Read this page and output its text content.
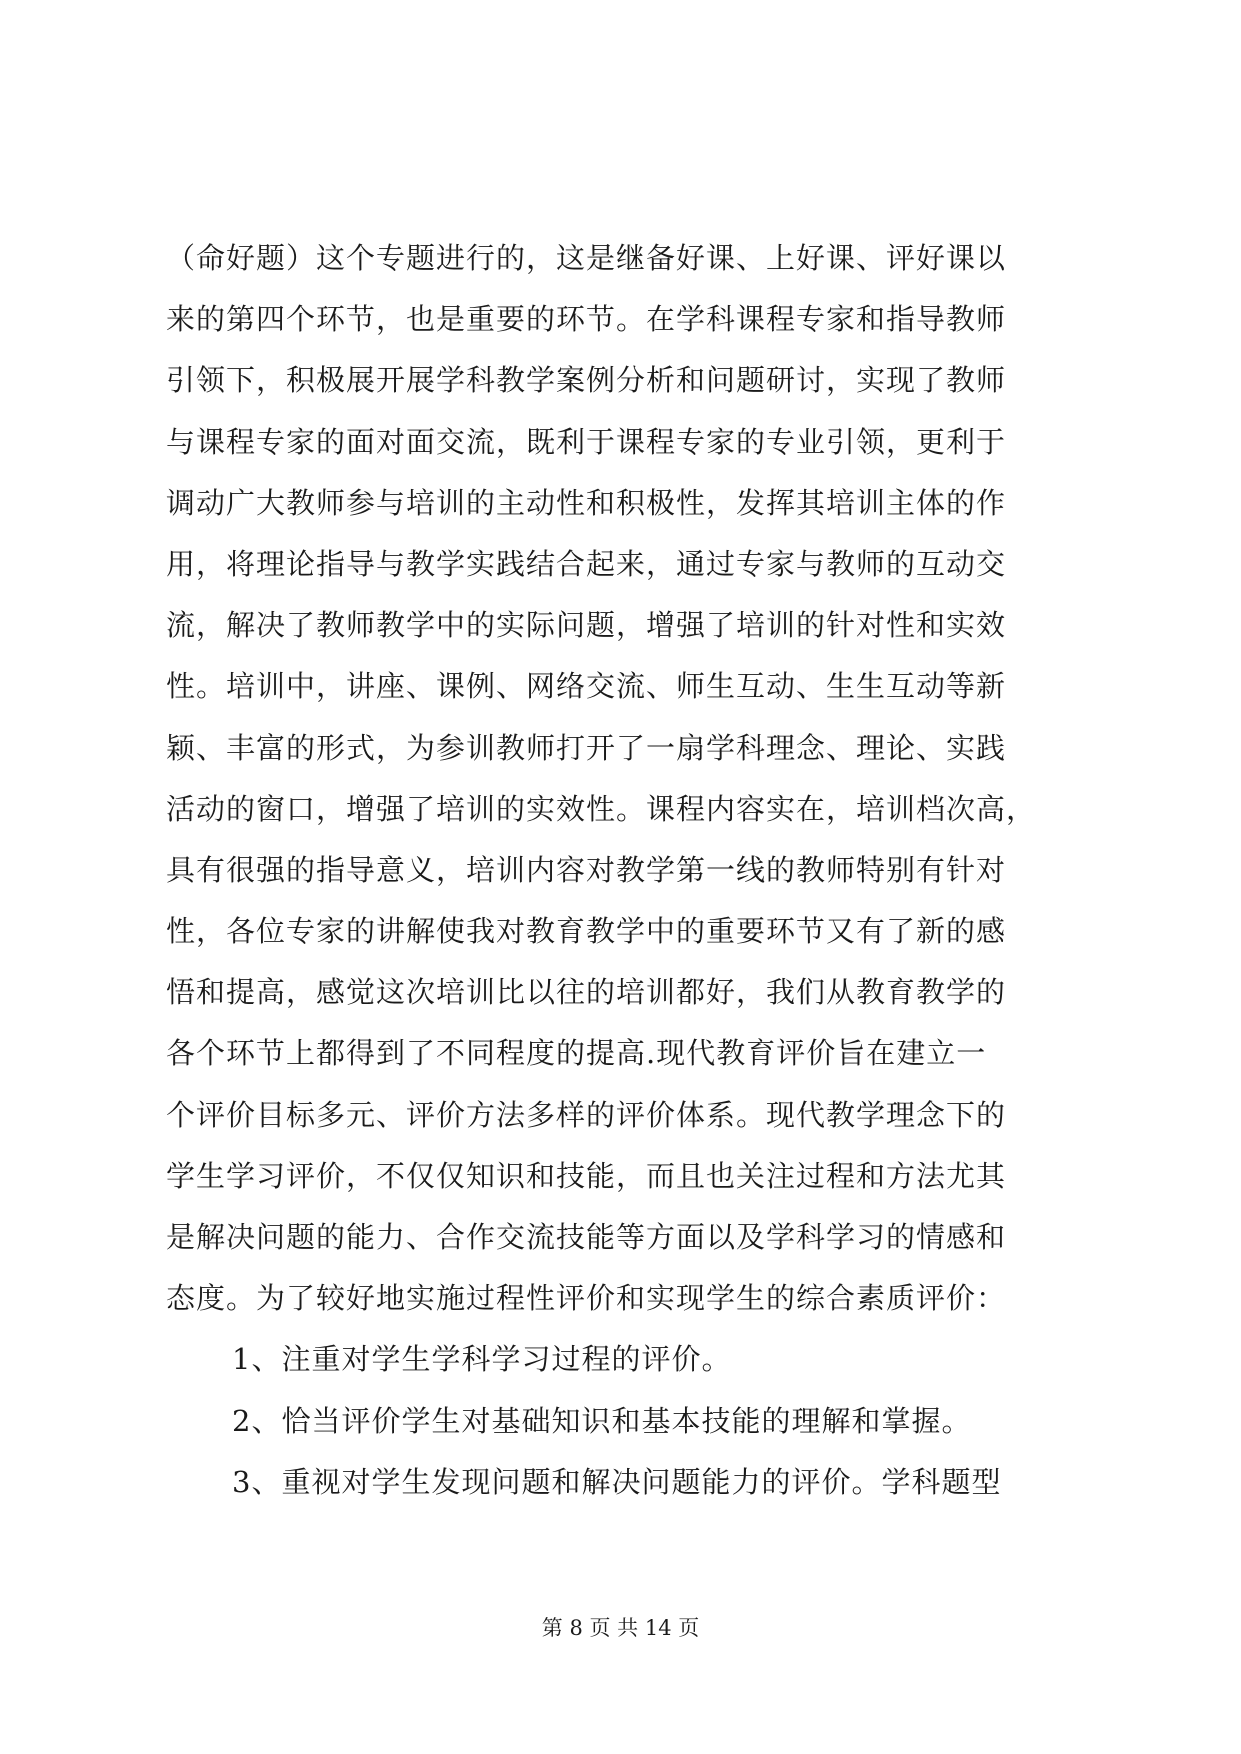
（命好题）这个专题进行的，这是继备好课、上好课、评好课以
来的第四个环节，也是重要的环节。在学科课程专家和指导教师
引领下，积极展开展学科教学案例分析和问题研讨，实现了教师
与课程专家的面对面交流，既利于课程专家的专业引领，更利于
调动广大教师参与培训的主动性和积极性，发挥其培训主体的作
用，将理论指导与教学实践结合起来，通过专家与教师的互动交
流，解决了教师教学中的实际问题，增强了培训的针对性和实效
性。培训中，讲座、课例、网络交流、师生互动、生生互动等新
颖、丰富的形式，为参训教师打开了一扇学科理念、理论、实践
活动的窗口，增强了培训的实效性。课程内容实在，培训档次高，
具有很强的指导意义，培训内容对教学第一线的教师特别有针对
性，各位专家的讲解使我对教育教学中的重要环节又有了新的感
悟和提高，感觉这次培训比以往的培训都好，我们从教育教学的
各个环节上都得到了不同程度的提高.现代教育评价旨在建立一
个评价目标多元、评价方法多样的评价体系。现代教学理念下的
学生学习评价，不仅仅知识和技能，而且也关注过程和方法尤其
是解决问题的能力、合作交流技能等方面以及学科学习的情感和
态度。为了较好地实施过程性评价和实现学生的综合素质评价：
1、注重对学生学科学习过程的评价。
2、恰当评价学生对基础知识和基本技能的理解和掌握。
3、重视对学生发现问题和解决问题能力的评价。学科题型
第 8 页 共 14 页
